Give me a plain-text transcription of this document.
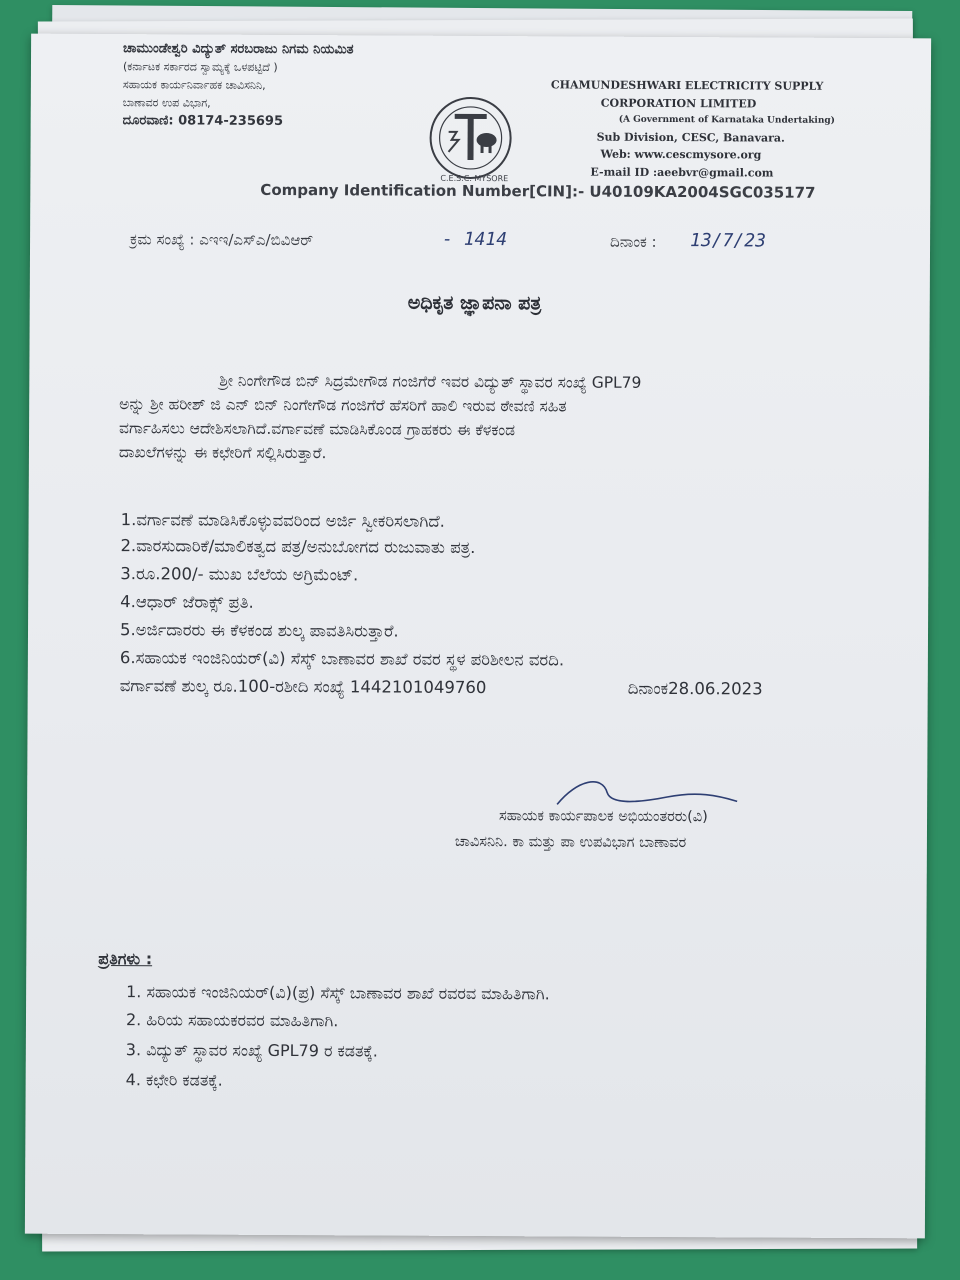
ಚಾಮುಂಡೇಶ್ವರಿ ವಿದ್ಯುತ್ ಸರಬರಾಜು ನಿಗಮ ನಿಯಮಿತ
(ಕರ್ನಾಟಕ ಸರ್ಕಾರದ ಸ್ವಾಮ್ಯಕ್ಕೆ ಒಳಪಟ್ಟಿದೆ )
ಸಹಾಯಕ ಕಾರ್ಯನಿರ್ವಾಹಕ ಚಾವಿಸನಿನಿ,
ಬಾಣಾವರ ಉಪ ವಿಭಾಗ,
ದೂರವಾಣಿ: 08174-235695
C.E.S.C. MYSORE
CHAMUNDESHWARI ELECTRICITY SUPPLY
CORPORATION LIMITED
(A Government of Karnataka Undertaking)
Sub Division, CESC, Banavara.
Web: www.cescmysore.org
E-mail ID :aeebvr@gmail.com
Company Identification Number[CIN]:- U40109KA2004SGC035177
ಕ್ರಮ ಸಂಖ್ಯೆ : ಎಇಇ/ಎಸ್ಎ/ಬಿವಿಆರ್	- 1414	ದಿನಾಂಕ : 13/7/23
ಅಧಿಕೃತ ಜ್ಞಾಪನಾ ಪತ್ರ
ಶ್ರೀ ನಿಂಗೇಗೌಡ ಬಿನ್ ಸಿದ್ರಮೇಗೌಡ ಗಂಜಿಗೆರೆ ಇವರ ವಿದ್ಯುತ್ ಸ್ಥಾವರ ಸಂಖ್ಯೆ GPL79
ಅನ್ನು ಶ್ರೀ ಹರೀಶ್ ಜಿ ಎನ್ ಬಿನ್ ನಿಂಗೇಗೌಡ ಗಂಜಿಗೆರೆ ಹೆಸರಿಗೆ ಹಾಲಿ ಇರುವ ಠೇವಣಿ ಸಹಿತ
ವರ್ಗಾಹಿಸಲು ಆದೇಶಿಸಲಾಗಿದೆ.ವರ್ಗಾವಣೆ ಮಾಡಿಸಿಕೊಂಡ ಗ್ರಾಹಕರು ಈ ಕೆಳಕಂಡ
ದಾಖಲೆಗಳನ್ನು ಈ ಕಛೇರಿಗೆ ಸಲ್ಲಿಸಿರುತ್ತಾರೆ.
1.ವರ್ಗಾವಣೆ ಮಾಡಿಸಿಕೊಳ್ಳುವವರಿಂದ ಅರ್ಜಿ ಸ್ವೀಕರಿಸಲಾಗಿದೆ.
2.ವಾರಸುದಾರಿಕೆ/ಮಾಲಿಕತ್ವದ ಪತ್ರ/ಅನುಬೋಗದ ರುಜುವಾತು ಪತ್ರ.
3.ರೂ.200/- ಮುಖ ಬೆಲೆಯ ಅಗ್ರಿಮೆಂಟ್.
4.ಆಧಾರ್ ಜೆರಾಕ್ಸ್ ಪ್ರತಿ.
5.ಅರ್ಜಿದಾರರು ಈ ಕೆಳಕಂಡ ಶುಲ್ಕ ಪಾವತಿಸಿರುತ್ತಾರೆ.
6.ಸಹಾಯಕ ಇಂಜಿನಿಯರ್(ವಿ) ಸೆಸ್ಕ್ ಬಾಣಾವರ ಶಾಖೆ ರವರ ಸ್ಥಳ ಪರಿಶೀಲನ ವರದಿ.
ವರ್ಗಾವಣೆ ಶುಲ್ಕ ರೂ.100-ರಶೀದಿ ಸಂಖ್ಯೆ 1442101049760	ದಿನಾಂಕ28.06.2023
ಸಹಾಯಕ ಕಾರ್ಯಪಾಲಕ ಅಭಿಯಂತರರು(ವಿ)
ಚಾವಿಸನಿನಿ. ಕಾ ಮತ್ತು ಪಾ ಉಪವಿಭಾಗ ಬಾಣಾವರ
ಪ್ರತಿಗಳು :
1. ಸಹಾಯಕ ಇಂಜಿನಿಯರ್(ವಿ)(ಪ್ರ) ಸೆಸ್ಕ್ ಬಾಣಾವರ ಶಾಖೆ ರವರವ ಮಾಹಿತಿಗಾಗಿ.
2. ಹಿರಿಯ ಸಹಾಯಕರವರ ಮಾಹಿತಿಗಾಗಿ.
3. ವಿದ್ಯುತ್ ಸ್ಥಾವರ ಸಂಖ್ಯೆ GPL79 ರ ಕಡತಕ್ಕೆ.
4. ಕಛೇರಿ ಕಡತಕ್ಕೆ.
